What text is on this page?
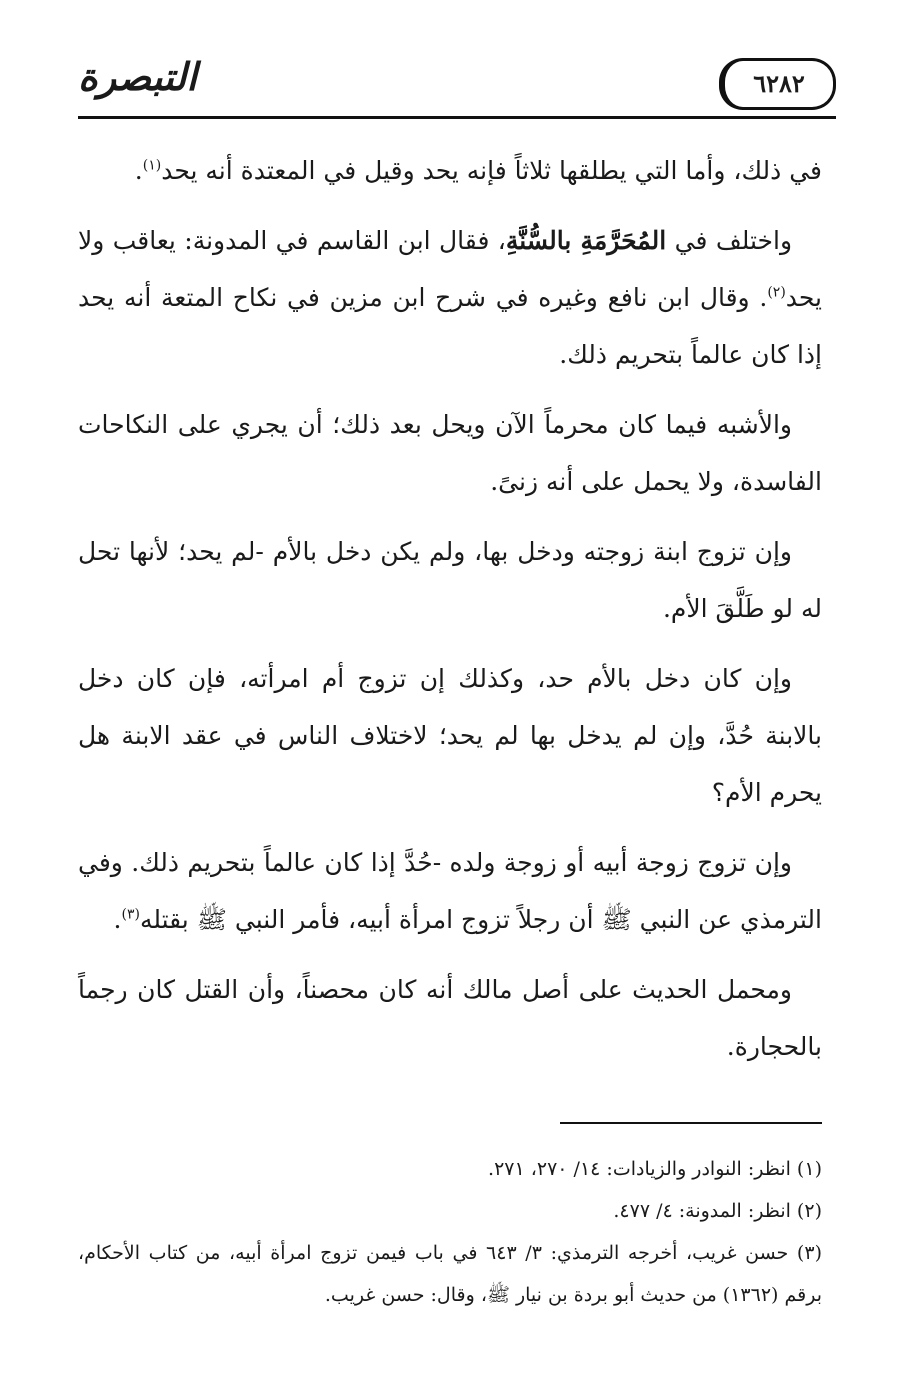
التبصرة	٦٢٨٢

في ذلك، وأما التي يطلقها ثلاثاً فإنه يحد وقيل في المعتدة أنه يحد$^{(١)}$.

واختلف في المُحَرَّمَةِ بالسُّنَّةِ، فقال ابن القاسم في المدونة: يعاقب ولا يحد$^{(٢)}$. وقال ابن نافع وغيره في شرح ابن مزين في نكاح المتعة أنه يحد إذا كان عالماً بتحريم ذلك.

والأشبه فيما كان محرماً الآن ويحل بعد ذلك؛ أن يجري على النكاحات الفاسدة، ولا يحمل على أنه زنىً.

وإن تزوج ابنة زوجته ودخل بها، ولم يكن دخل بالأم -لم يحد؛ لأنها تحل له لو طَلَّقَ الأم.

وإن كان دخل بالأم حد، وكذلك إن تزوج أم امرأته، فإن كان دخل بالابنة حُدَّ، وإن لم يدخل بها لم يحد؛ لاختلاف الناس في عقد الابنة هل يحرم الأم؟

وإن تزوج زوجة أبيه أو زوجة ولده -حُدَّ إذا كان عالماً بتحريم ذلك. وفي الترمذي عن النبي ﷺ أن رجلاً تزوج امرأة أبيه، فأمر النبي ﷺ بقتله$^{(٣)}$.

ومحمل الحديث على أصل مالك أنه كان محصناً، وأن القتل كان رجماً بالحجارة.

(١) انظر: النوادر والزيادات: ١٤/ ٢٧٠، ٢٧١.

(٢) انظر: المدونة: ٤/ ٤٧٧.

(٣) حسن غريب، أخرجه الترمذي: ٣/ ٦٤٣ في باب فيمن تزوج امرأة أبيه، من كتاب الأحكام، برقم (١٣٦٢) من حديث أبو بردة بن نيار ﷺ، وقال: حسن غريب.
